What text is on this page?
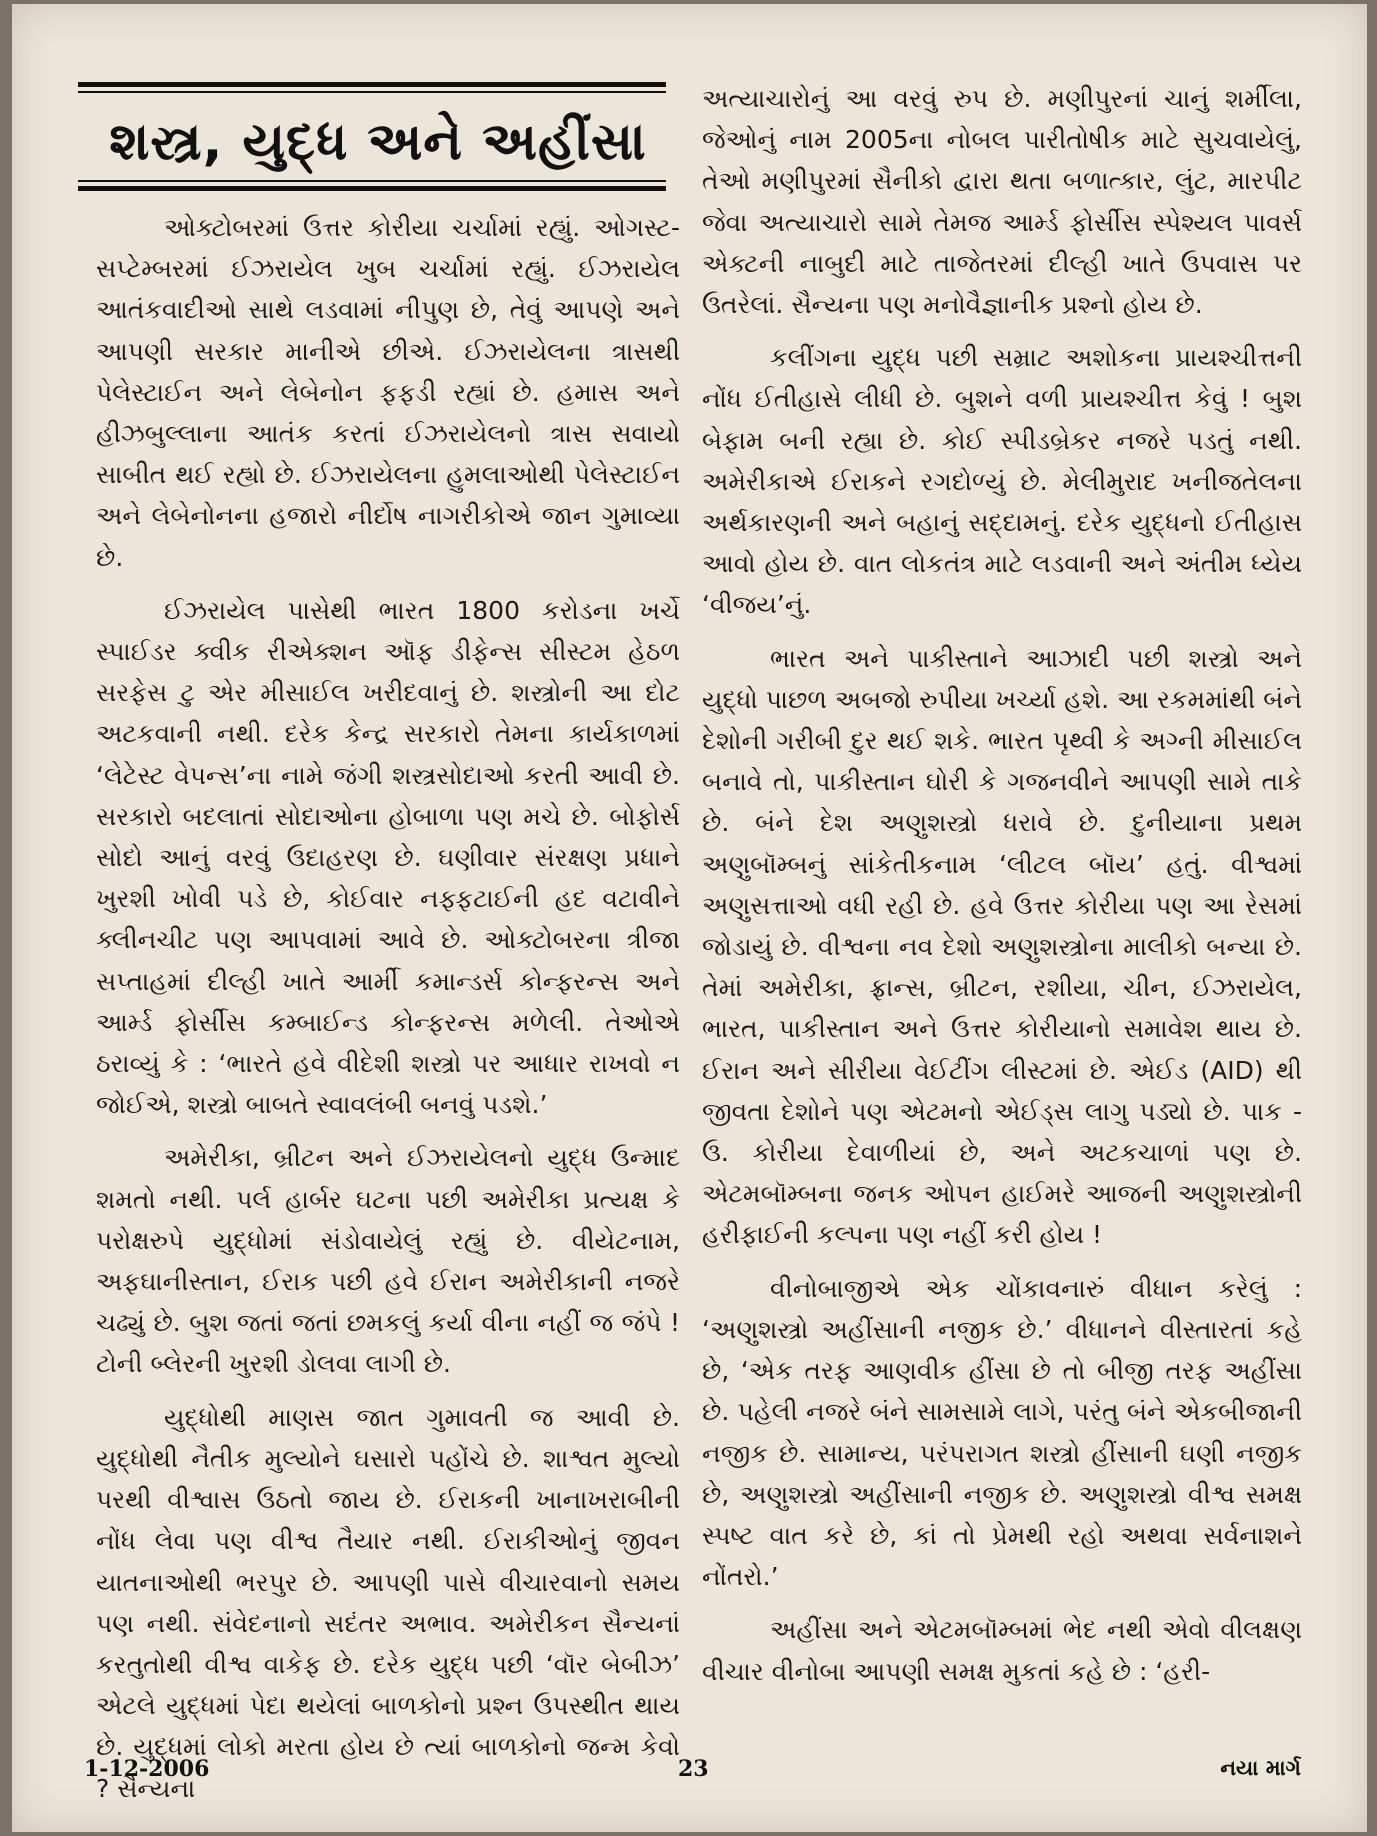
શસ્ત્ર, યુદ્ધ અને અહીંસા

ઓક્ટોબરમાં ઉત્તર કોરીયા ચર્ચામાં રહ્યું. ઓગસ્ટ-સપ્ટેમ્બરમાં ઈઝરાયેલ ખુબ ચર્ચામાં રહ્યું. ઈઝરાયેલ આતંકવાદીઓ સાથે લડવામાં નીપુણ છે, તેવું આપણે અને આપણી સરકાર માનીએ છીએ. ઈઝરાયેલના ત્રાસથી પેલેસ્ટાઈન અને લેબેનોન ફફડી રહ્યાં છે. હમાસ અને હીઝબુલ્લાના આતંક કરતાં ઈઝરાયેલનો ત્રાસ સવાયો સાબીત થઈ રહ્યો છે. ઈઝરાયેલના હુમલાઓથી પેલેસ્ટાઈન અને લેબેનોનના હજારો નીર્દોષ નાગરીકોએ જાન ગુમાવ્યા છે.

ઈઝરાયેલ પાસેથી ભારત 1800 કરોડના ખર્ચે સ્પાઈડર ક્વીક રીએક્શન ઑફ ડીફેન્સ સીસ્ટમ હેઠળ સરફેસ ટુ એર મીસાઈલ ખરીદવાનું છે. શસ્ત્રોની આ દોટ અટકવાની નથી. દરેક કેન્દ્ર સરકારો તેમના કાર્યકાળમાં ‘લેટેસ્ટ વેપન્સ’ના નામે જંગી શસ્ત્રસોદાઓ કરતી આવી છે. સરકારો બદલાતાં સોદાઓના હોબાળા પણ મચે છે. બોફોર્સ સોદો આનું વરવું ઉદાહરણ છે. ઘણીવાર સંરક્ષણ પ્રધાને ખુરશી ખોવી પડે છે, કોઈવાર નફ્ફટાઈની હદ વટાવીને ક્લીનચીટ પણ આપવામાં આવે છે. ઓક્ટોબરના ત્રીજા સપ્તાહમાં દીલ્હી ખાતે આર્મી કમાન્ડર્સ કોન્ફરન્સ અને આર્મ્ડ ફોર્સીસ કમ્બાઈન્ડ કોન્ફરન્સ મળેલી. તેઓએ ઠરાવ્યું કે : ‘ભારતે હવે વીદેશી શસ્ત્રો પર આધાર રાખવો ન જોઈએ, શસ્ત્રો બાબતે સ્વાવલંબી બનવું પડશે.’

અમેરીકા, બ્રીટન અને ઈઝરાયેલનો યુદ્ધ ઉન્માદ શમતો નથી. પર્લ હાર્બર ઘટના પછી અમેરીકા પ્રત્યક્ષ કે પરોક્ષરુપે યુદ્ધોમાં સંડોવાયેલું રહ્યું છે. વીયેટનામ, અફઘાનીસ્તાન, ઈરાક પછી હવે ઈરાન અમેરીકાની નજરે ચઢ્યું છે. બુશ જતાં જતાં છમકલું કર્યા વીના નહીં જ જંપે ! ટોની બ્લેરની ખુરશી ડોલવા લાગી છે.

યુદ્ધોથી માણસ જાત ગુમાવતી જ આવી છે. યુદ્ધોથી નૈતીક મુલ્યોને ઘસારો પહોંચે છે. શાશ્વત મુલ્યો પરથી વીશ્વાસ ઉઠતો જાય છે. ઈરાકની ખાનાખરાબીની નોંધ લેવા પણ વીશ્વ તૈયાર નથી. ઈરાકીઓનું જીવન યાતનાઓથી ભરપુર છે. આપણી પાસે વીચારવાનો સમય પણ નથી. સંવેદનાનો સદંતર અભાવ. અમેરીકન સૈન્યનાં કરતુતોથી વીશ્વ વાકેફ છે. દરેક યુદ્ધ પછી ‘વૉર બેબીઝ’ એટલે યુદ્ધમાં પેદા થયેલાં બાળકોનો પ્રશ્ન ઉપસ્થીત થાય છે. યુદ્ધમાં લોકો મરતા હોય છે ત્યાં બાળકોનો જન્મ કેવો ? સૈન્યના

અત્યાચારોનું આ વરવું રુપ છે. મણીપુરનાં ચાનું શર્મીલા, જેઓનું નામ 2005ના નોબલ પારીતોષીક માટે સુચવાયેલું, તેઓ મણીપુરમાં સૈનીકો દ્વારા થતા બળાત્કાર, લુંટ, મારપીટ જેવા અત્યાચારો સામે તેમજ આર્મ્ડ ફોર્સીસ સ્પેશ્યલ પાવર્સ એક્ટની નાબુદી માટે તાજેતરમાં દીલ્હી ખાતે ઉપવાસ પર ઉતરેલાં. સૈન્યના પણ મનોવૈજ્ઞાનીક પ્રશ્નો હોય છે.

કલીંગના યુદ્ધ પછી સમ્રાટ અશોકના પ્રાયશ્ચીત્તની નોંધ ઈતીહાસે લીધી છે. બુશને વળી પ્રાયશ્ચીત્ત કેવું ! બુશ બેફામ બની રહ્યા છે. કોઈ સ્પીડબ્રેકર નજરે પડતું નથી. અમેરીકાએ ઈરાકને રગદોળ્યું છે. મેલીમુરાદ ખનીજતેલના અર્થકારણની અને બહાનું સદ્દામનું. દરેક યુદ્ધનો ઈતીહાસ આવો હોય છે. વાત લોકતંત્ર માટે લડવાની અને અંતીમ ધ્યેય ‘વીજય’નું.

ભારત અને પાકીસ્તાને આઝાદી પછી શસ્ત્રો અને યુદ્ધો પાછળ અબજો રુપીયા ખર્ચ્યા હશે. આ રકમમાંથી બંને દેશોની ગરીબી દુર થઈ શકે. ભારત પૃથ્વી કે અગ્ની મીસાઈલ બનાવે તો, પાકીસ્તાન ઘોરી કે ગજનવીને આપણી સામે તાકે છે. બંને દેશ અણુશસ્ત્રો ધરાવે છે. દુનીયાના પ્રથમ અણુબૉમ્બનું સાંકેતીકનામ ‘લીટલ બૉય’ હતું. વીશ્વમાં અણુસત્તાઓ વધી રહી છે. હવે ઉત્તર કોરીયા પણ આ રેસમાં જોડાયું છે. વીશ્વના નવ દેશો અણુશસ્ત્રોના માલીકો બન્યા છે. તેમાં અમેરીકા, ફ્રાન્સ, બ્રીટન, રશીયા, ચીન, ઈઝરાયેલ, ભારત, પાકીસ્તાન અને ઉત્તર કોરીયાનો સમાવેશ થાય છે. ઈરાન અને સીરીયા વેઈટીંગ લીસ્ટમાં છે. એઈડ (AID) થી જીવતા દેશોને પણ એટમનો એઈડ્સ લાગુ પડ્યો છે. પાક - ઉ. કોરીયા દેવાળીયાં છે, અને અટકચાળાં પણ છે. એટમબૉમ્બના જનક ઓપન હાઈમરે આજની અણુશસ્ત્રોની હરીફાઈની કલ્પના પણ નહીં કરી હોય !

વીનોબાજીએ એક ચોંકાવનારું વીધાન કરેલું : ‘અણુશસ્ત્રો અહીંસાની નજીક છે.’ વીધાનને વીસ્તારતાં કહે છે, ‘એક તરફ આણવીક હીંસા છે તો બીજી તરફ અહીંસા છે. પહેલી નજરે બંને સામસામે લાગે, પરંતુ બંને એકબીજાની નજીક છે. સામાન્ય, પરંપરાગત શસ્ત્રો હીંસાની ઘણી નજીક છે, અણુશસ્ત્રો અહીંસાની નજીક છે. અણુશસ્ત્રો વીશ્વ સમક્ષ સ્પષ્ટ વાત કરે છે, કાં તો પ્રેમથી રહો અથવા સર્વનાશને નોંતરો.’

અહીંસા અને એટમબૉમ્બમાં ભેદ નથી એવો વીલક્ષણ વીચાર વીનોબા આપણી સમક્ષ મુકતાં કહે છે : ‘હરી-

1-12-2006	23	નયા માર્ગ
